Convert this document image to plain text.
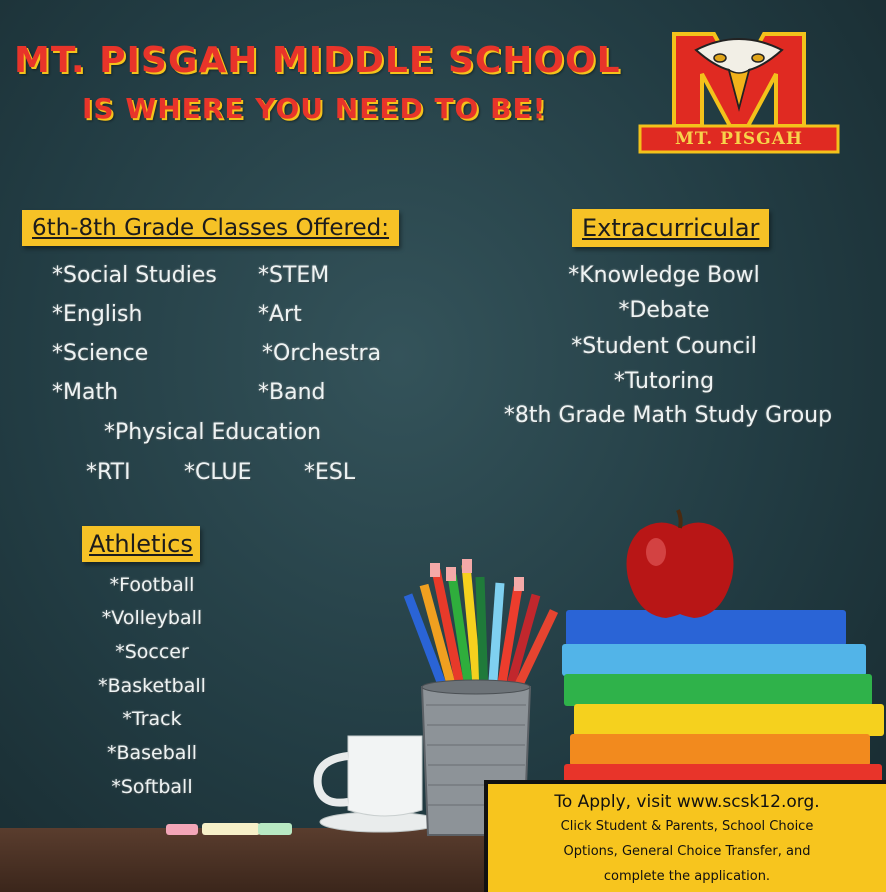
MT. PISGAH MIDDLE SCHOOL
IS WHERE YOU NEED TO BE!
MT. PISGAH
6th-8th Grade Classes Offered:
*Social Studies
*English
*Science
*Math
*STEM
*Art
*Orchestra
*Band
*Physical Education
*RTI *CLUE *ESL
Extracurricular
*Knowledge Bowl
*Debate
*Student Council
*Tutoring
*8th Grade Math Study Group
Athletics
*Football
*Volleyball
*Soccer
*Basketball
*Track
*Baseball
*Softball
To Apply, visit www.scsk12.org.
Click Student & Parents, School Choice
Options, General Choice Transfer, and
complete the application.
